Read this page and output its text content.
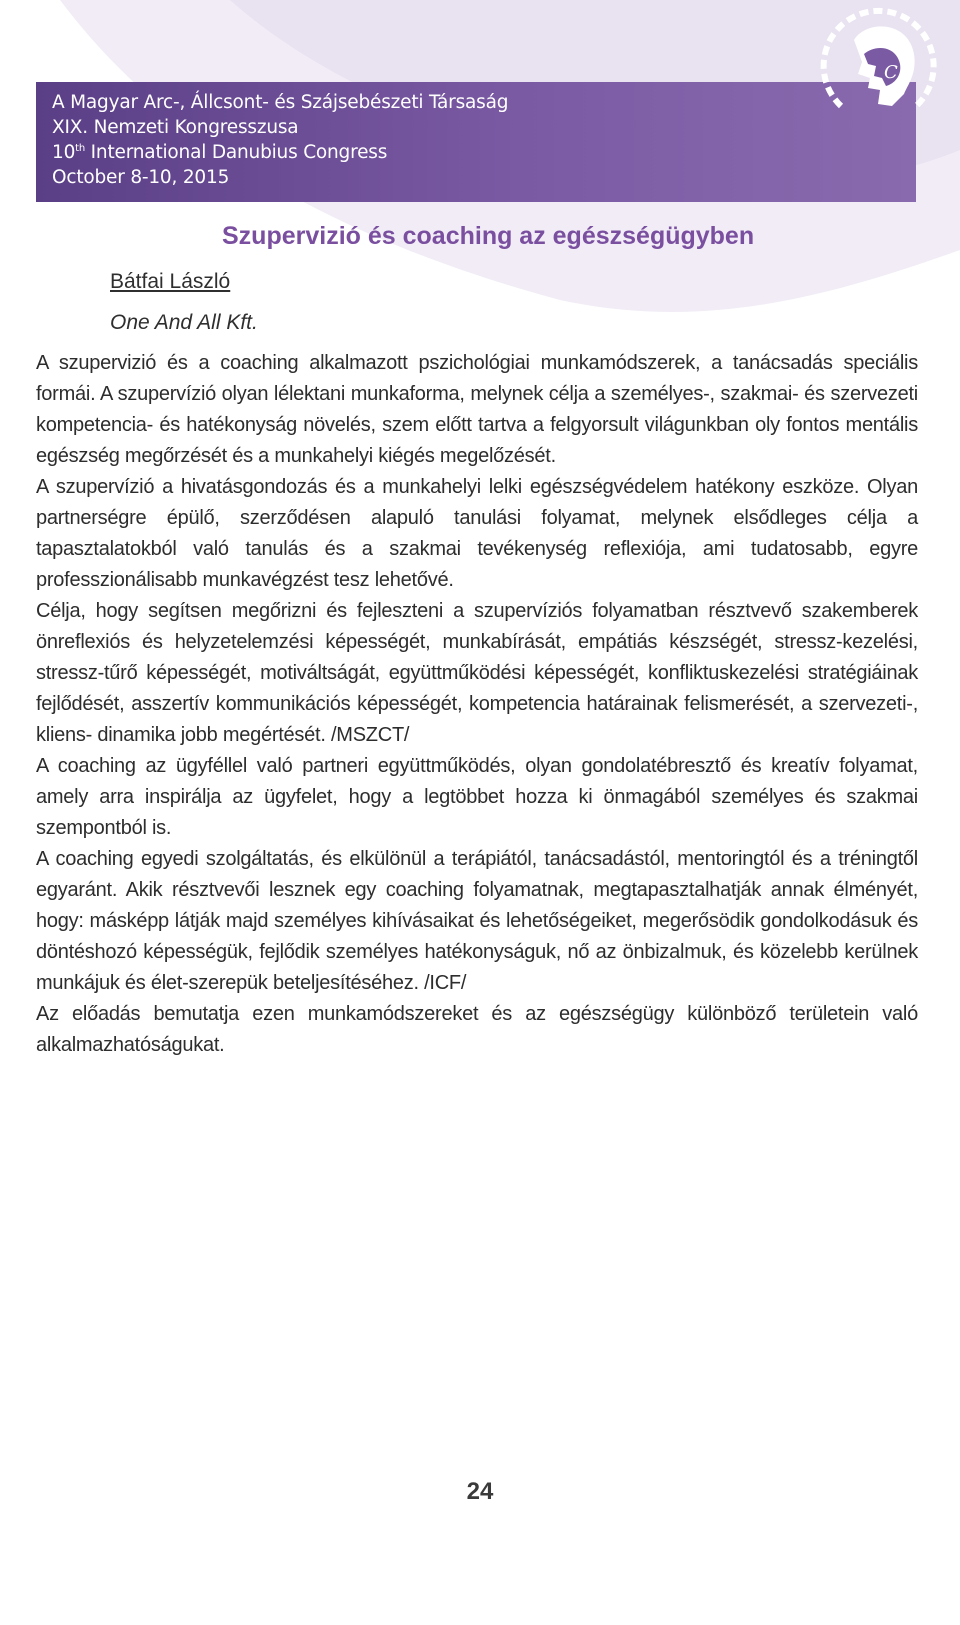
A Magyar Arc-, Állcsont- és Szájsebészeti Társaság
XIX. Nemzeti Kongresszusa
10th International Danubius Congress
October 8-10, 2015
C
Szupervizió és coaching az egészségügyben
Bátfai László
One And All Kft.

A szupervizió és a coaching alkalmazott pszichológiai munkamódszerek, a tanácsadás speciális formái. A szupervízió olyan lélektani munkaforma, melynek célja a személyes-, szakmai- és szervezeti kompetencia- és hatékonyság növelés, szem előtt tartva a felgyorsult világunkban oly fontos mentális egészség megőrzését és a munkahelyi kiégés megelőzését.

A szupervízió a hivatásgondozás és a munkahelyi lelki egészségvédelem hatékony eszköze. Olyan partnerségre épülő, szerződésen alapuló tanulási folyamat, melynek elsődleges célja a tapasztalatokból való tanulás és a szakmai tevékenység reflexiója, ami tudatosabb, egyre professzionálisabb munkavégzést tesz lehetővé.

Célja, hogy segítsen megőrizni és fejleszteni a szupervíziós folyamatban résztvevő szakemberek önreflexiós és helyzetelemzési képességét, munkabírását, empátiás készségét, stressz-kezelési, stressz-tűrő képességét, motiváltságát, együttműködési képességét, konfliktuskezelési stratégiáinak fejlődését, asszertív kommunikációs képességét, kompetencia határainak felismerését, a szervezeti-, kliens- dinamika jobb megértését. /MSZCT/

A coaching az ügyféllel való partneri együttműködés, olyan gondolatébresztő és kreatív folyamat, amely arra inspirálja az ügyfelet, hogy a legtöbbet hozza ki önmagából személyes és szakmai szempontból is.

A coaching egyedi szolgáltatás, és elkülönül a terápiától, tanácsadástól, mentoringtól és a tréningtől egyaránt. Akik résztvevői lesznek egy coaching folyamatnak, megtapasztalhatják annak élményét, hogy: másképp látják majd személyes kihívásaikat és lehetőségeiket, megerősödik gondolkodásuk és döntéshozó képességük, fejlődik személyes hatékonyságuk, nő az önbizalmuk, és közelebb kerülnek munkájuk és élet-szerepük beteljesítéséhez. /ICF/

Az előadás bemutatja ezen munkamódszereket és az egészségügy különböző területein való alkalmazhatóságukat.

24
